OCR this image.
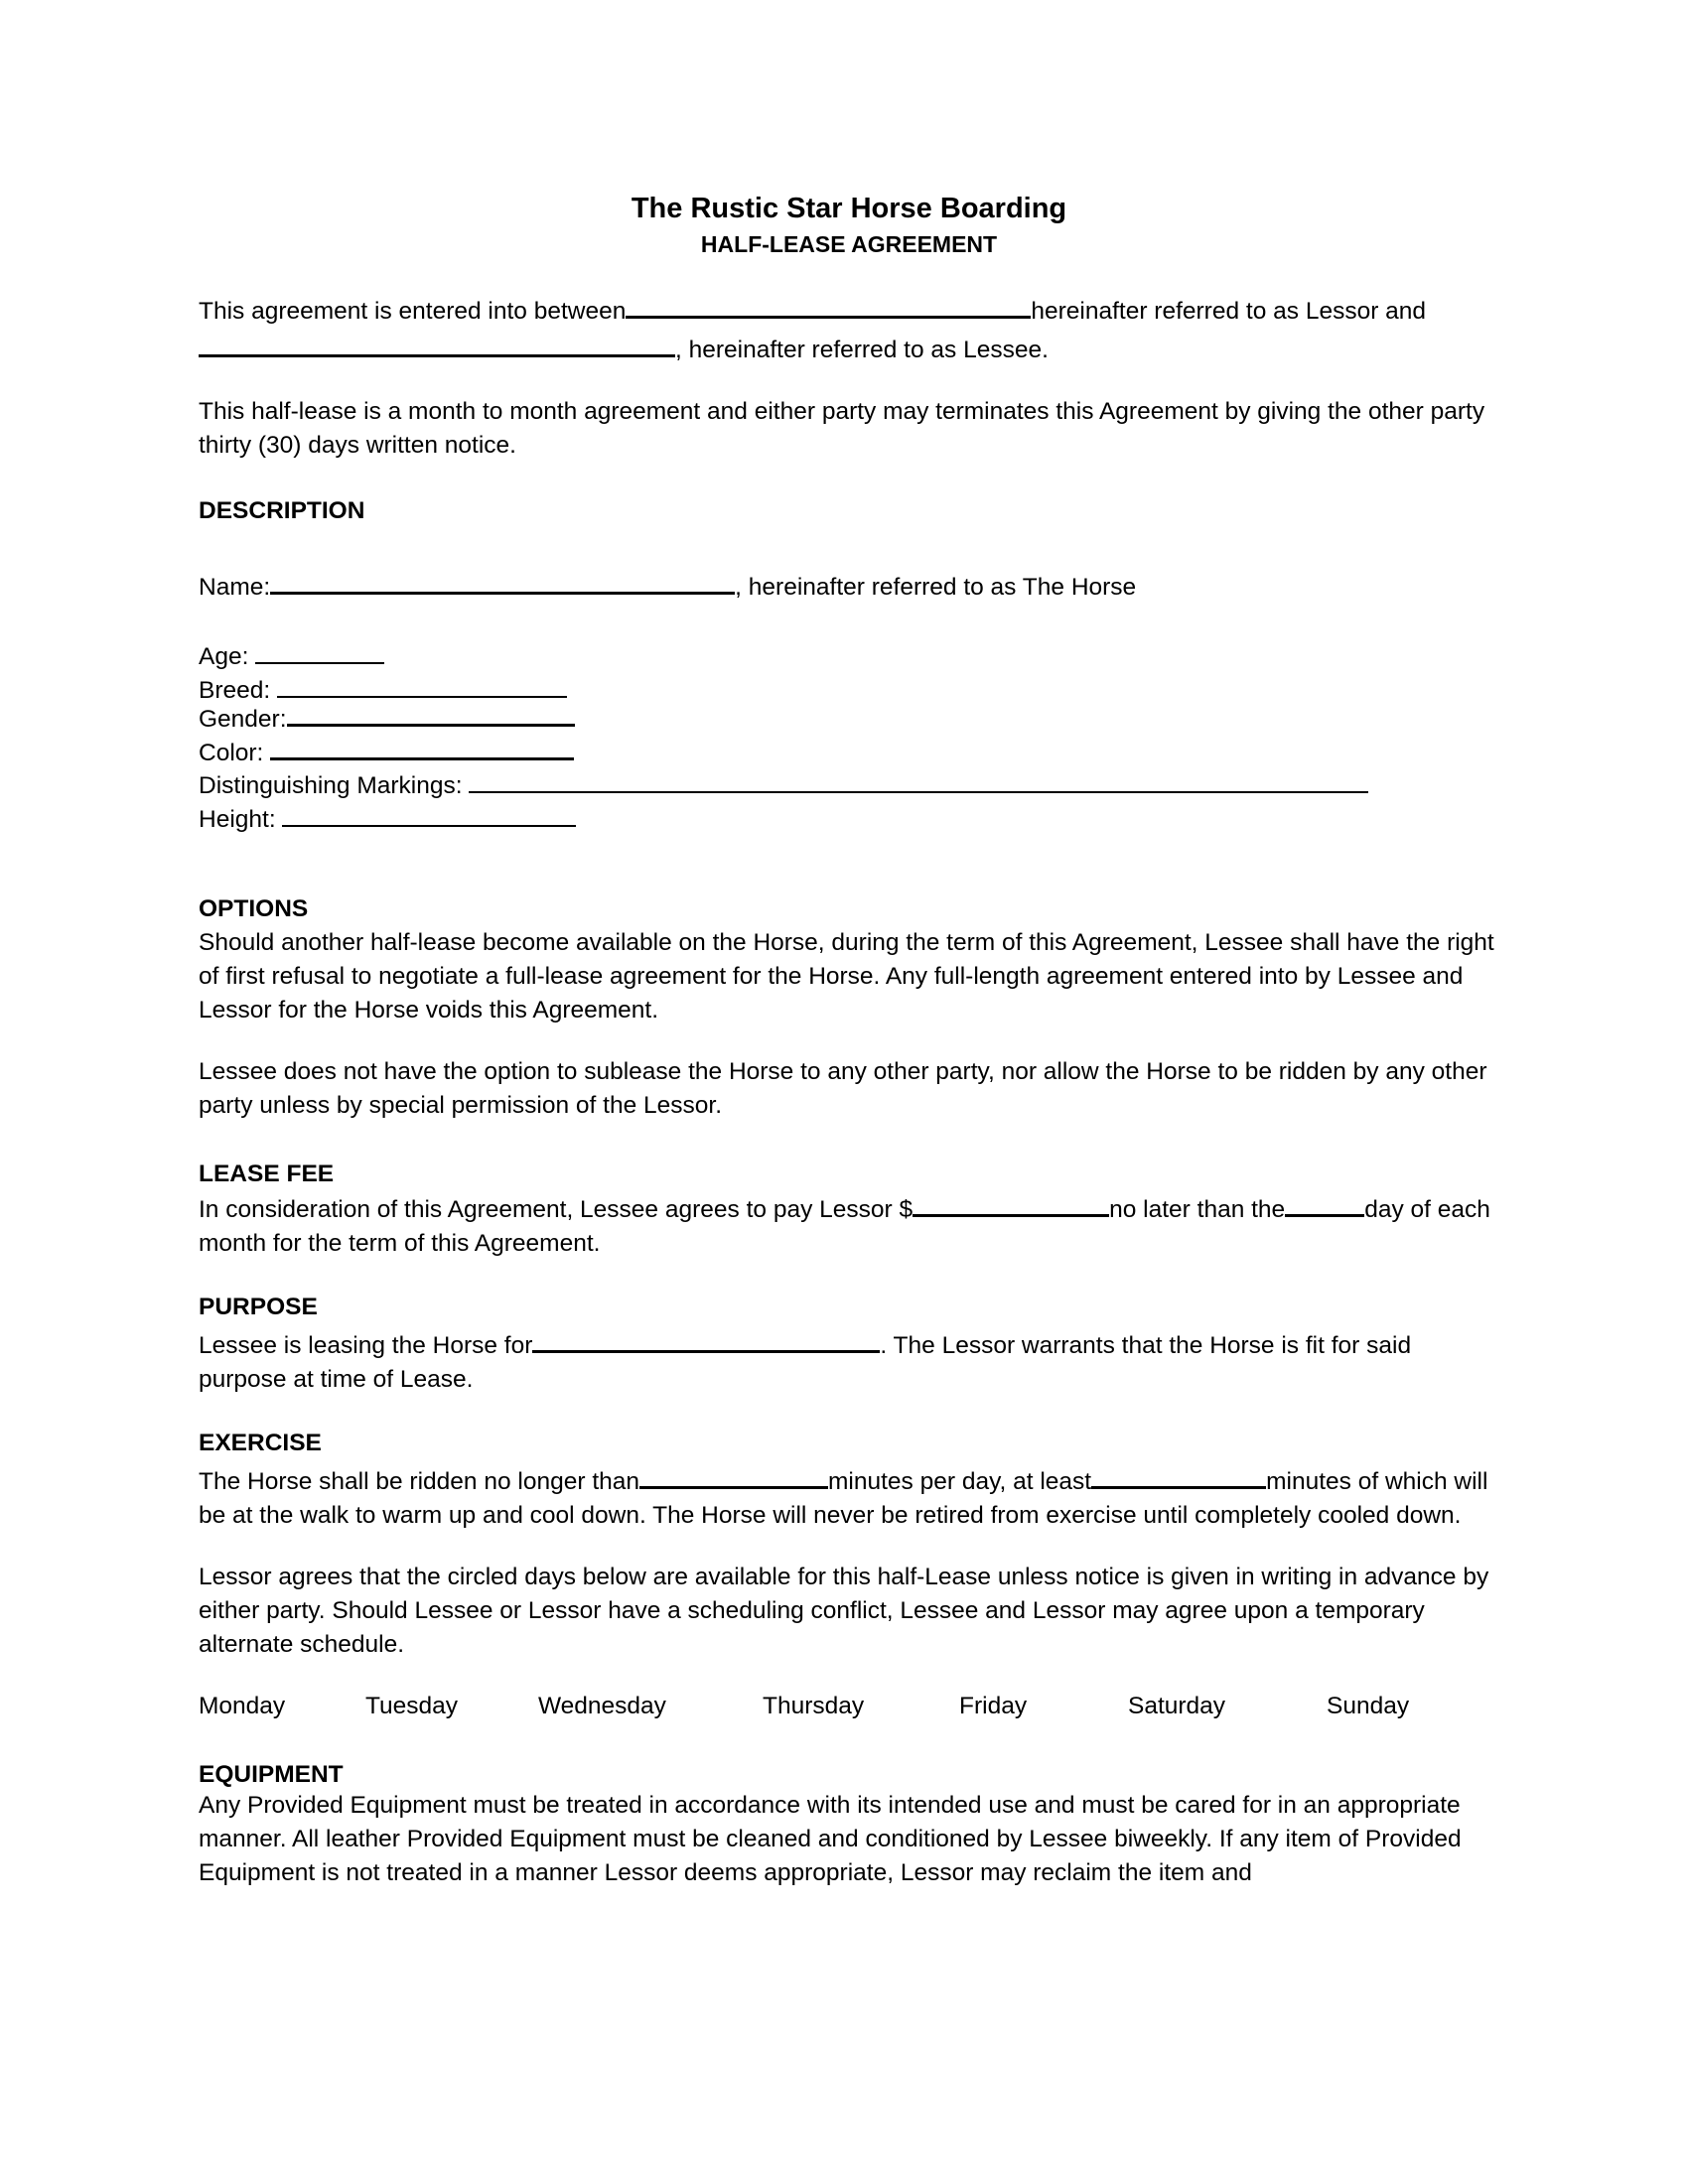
The Rustic Star Horse Boarding

HALF-LEASE AGREEMENT

This agreement is entered into between	hereinafter referred to as Lessor and
, hereinafter referred to as Lessee.

This half-lease is a month to month agreement and either party may terminates this Agreement by giving the other party thirty (30) days written notice.

DESCRIPTION

Name:	, hereinafter referred to as The Horse

Age:
Breed:
Gender:
Color:
Distinguishing Markings:
Height:

OPTIONS

Should another half-lease become available on the Horse, during the term of this Agreement, Lessee shall have the right of first refusal to negotiate a full-lease agreement for the Horse. Any full-length agreement entered into by Lessee and Lessor for the Horse voids this Agreement.

Lessee does not have the option to sublease the Horse to any other party, nor allow the Horse to be ridden by any other party unless by special permission of the Lessor.

LEASE FEE

In consideration of this Agreement, Lessee agrees to pay Lessor $	no later than the	day of each month for the term of this Agreement.

PURPOSE

Lessee is leasing the Horse for	. The Lessor warrants that the Horse is fit for said purpose at time of Lease.

EXERCISE

The Horse shall be ridden no longer than	minutes per day, at least	minutes of which will be at the walk to warm up and cool down. The Horse will never be retired from exercise until completely cooled down.

Lessor agrees that the circled days below are available for this half-Lease unless notice is given in writing in advance by either party. Should Lessee or Lessor have a scheduling conflict, Lessee and Lessor may agree upon a temporary alternate schedule.

Monday	Tuesday	Wednesday	Thursday	Friday	Saturday	Sunday

EQUIPMENT

Any Provided Equipment must be treated in accordance with its intended use and must be cared for in an appropriate manner. All leather Provided Equipment must be cleaned and conditioned by Lessee biweekly. If any item of Provided Equipment is not treated in a manner Lessor deems appropriate, Lessor may reclaim the item and
